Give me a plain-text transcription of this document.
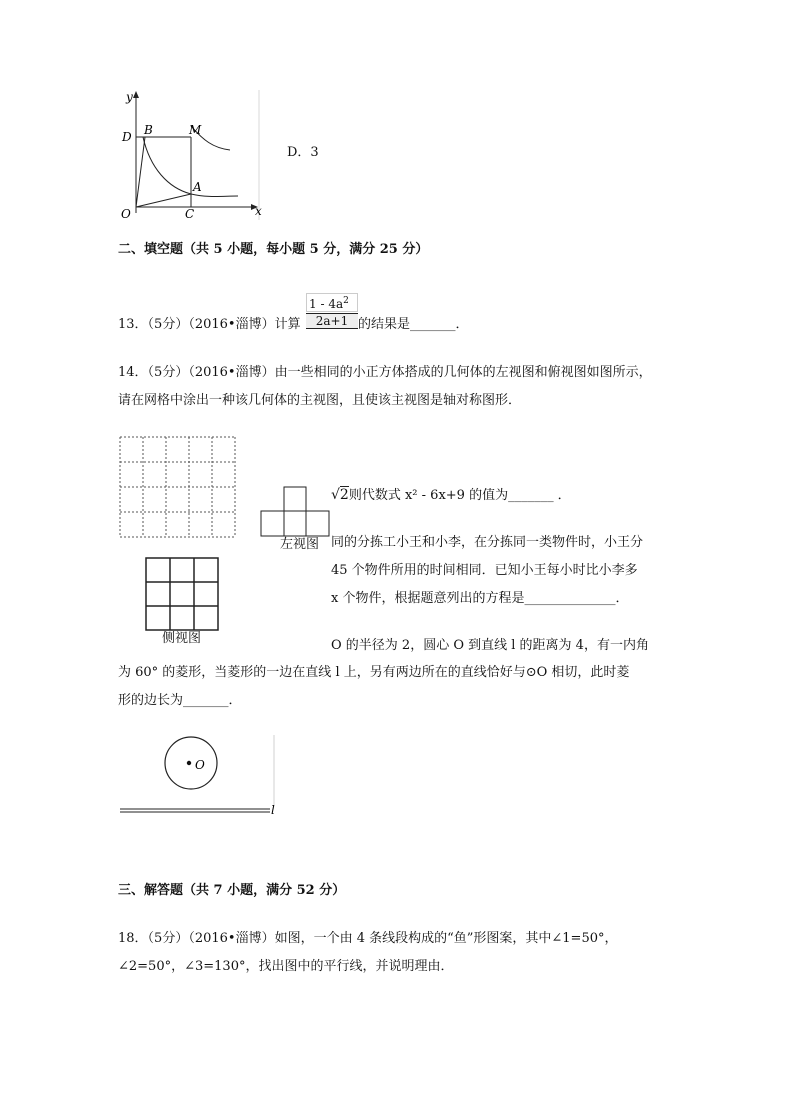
y
D B	M
A
O	C	x
D．3
二、填空题（共 5 小题，每小题 5 分，满分 25 分）
$\frac{1 - 4a^2}{2a+1}$
13．（5分）（2016•淄博）计算	的结果是_______．
14．（5分）（2016•淄博）由一些相同的小正方体搭成的几何体的左视图和俯视图如图所示，
请在网格中涂出一种该几何体的主视图，且使该主视图是轴对称图形．
左视图
侧视图
√2则代数式 x² - 6x+9 的值为_______ ．
同的分拣工小王和小李，在分拣同一类物件时，小王分
45 个物件所用的时间相同．已知小王每小时比小李多
x 个物件，根据题意列出的方程是______________．
O 的半径为 2，圆心 O 到直线 l 的距离为 4，有一内角
为 60° 的菱形，当菱形的一边在直线 l 上，另有两边所在的直线恰好与⊙O 相切，此时菱
形的边长为_______．
O
l
三、解答题（共 7 小题，满分 52 分）
18．（5分）（2016•淄博）如图，一个由 4 条线段构成的“鱼”形图案，其中∠1=50°，
∠2=50°，∠3=130°，找出图中的平行线，并说明理由．
